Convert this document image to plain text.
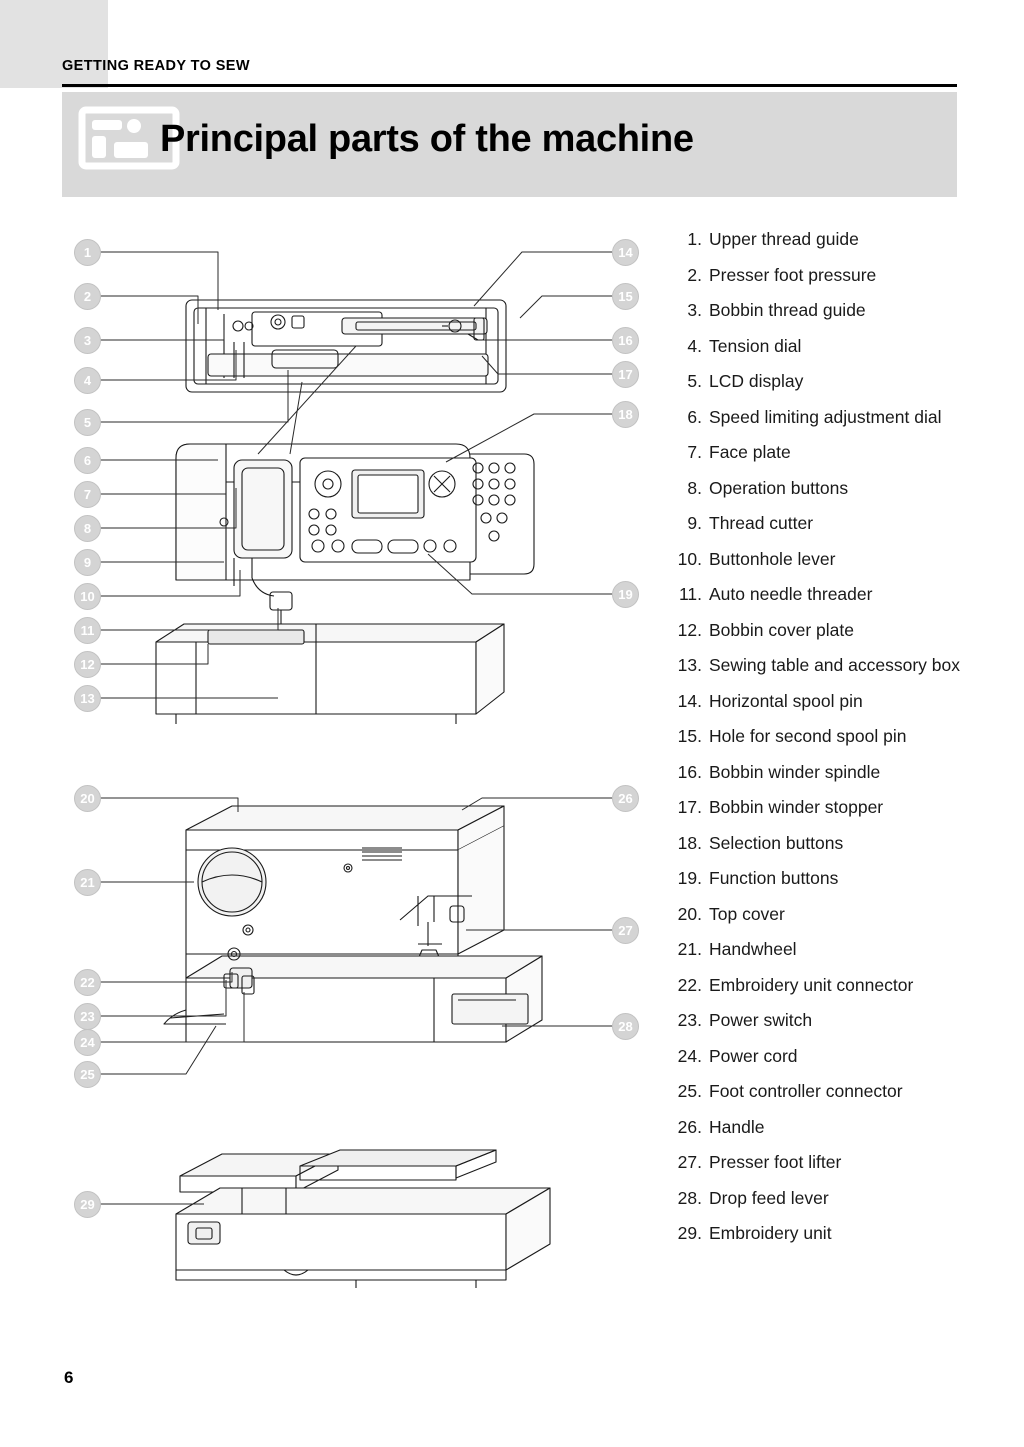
GETTING READY TO SEW
Principal parts of the machine
1
2
3
4
5
6
7
8
9
10
11
12
13
14
15
16
17
18
19
20
21
22
23
24
25
26
27
28
29
1. Upper thread guide
2. Presser foot pressure
3. Bobbin thread guide
4. Tension dial
5. LCD display
6. Speed limiting adjustment dial
7. Face plate
8. Operation buttons
9. Thread cutter
10. Buttonhole lever
11. Auto needle threader
12. Bobbin cover plate
13. Sewing table and accessory box
14. Horizontal spool pin
15. Hole for second spool pin
16. Bobbin winder spindle
17. Bobbin winder stopper
18. Selection buttons
19. Function buttons
20. Top cover
21. Handwheel
22. Embroidery unit connector
23. Power switch
24. Power cord
25. Foot controller connector
26. Handle
27. Presser foot lifter
28. Drop feed lever
29. Embroidery unit
6
